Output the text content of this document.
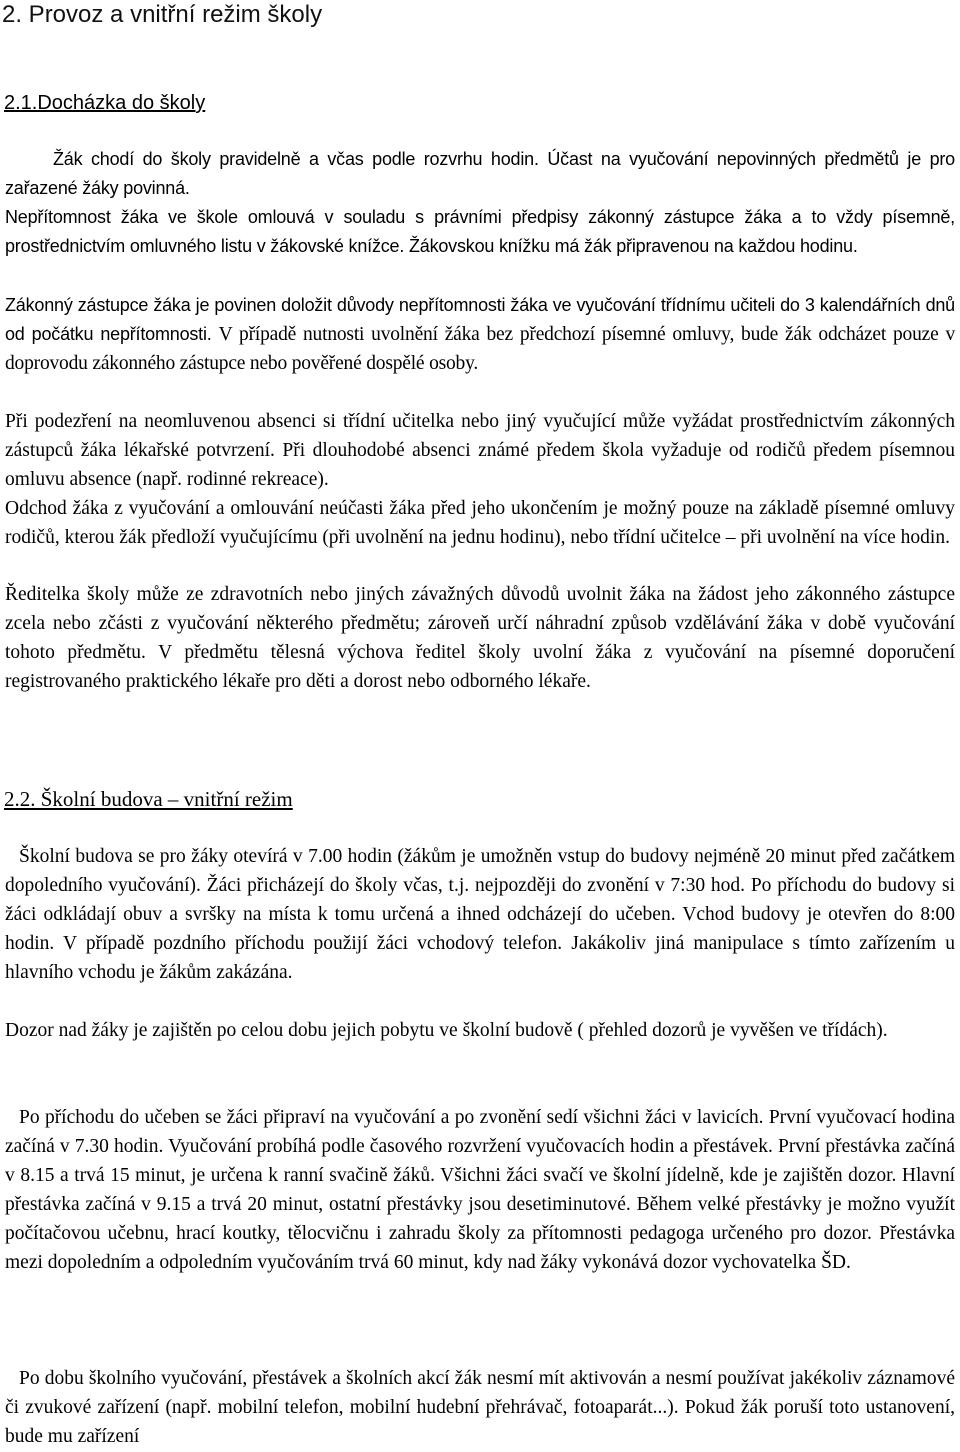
2. Provoz a vnitřní režim školy
2.1.Docházka do školy

Žák chodí do školy pravidelně a včas podle rozvrhu hodin. Účast na vyučování nepovinných předmětů je pro zařazené žáky povinná.

Nepřítomnost žáka ve škole omlouvá v souladu s právními předpisy zákonný zástupce žáka a to vždy písemně, prostřednictvím omluvného listu v žákovské knížce. Žákovskou knížku má žák připravenou na každou hodinu.

Zákonný zástupce žáka je povinen doložit důvody nepřítomnosti žáka ve vyučování třídnímu učiteli do 3 kalendářních dnů od počátku nepřítomnosti. V případě nutnosti uvolnění žáka bez předchozí písemné omluvy, bude žák odcházet pouze v doprovodu zákonného zástupce nebo pověřené dospělé osoby.

Při podezření na neomluvenou absenci si třídní učitelka nebo jiný vyučující může vyžádat prostřednictvím zákonných zástupců žáka lékařské potvrzení. Při dlouhodobé absenci známé předem škola vyžaduje od rodičů předem písemnou omluvu absence (např. rodinné rekreace).

Odchod žáka z vyučování a omlouvání neúčasti žáka před jeho ukončením je možný pouze na základě písemné omluvy rodičů, kterou žák předloží vyučujícímu (při uvolnění na jednu hodinu), nebo třídní učitelce – při uvolnění na více hodin.

Ředitelka školy může ze zdravotních nebo jiných závažných důvodů uvolnit žáka na žádost jeho zákonného zástupce zcela nebo zčásti z vyučování některého předmětu; zároveň určí náhradní způsob vzdělávání žáka v době vyučování tohoto předmětu. V předmětu tělesná výchova ředitel školy uvolní žáka z vyučování na písemné doporučení registrovaného praktického lékaře pro děti a dorost nebo odborného lékaře.

2.2. Školní budova – vnitřní režim

Školní budova se pro žáky otevírá v 7.00 hodin (žákům je umožněn vstup do budovy nejméně 20 minut před začátkem dopoledního vyučování). Žáci přicházejí do školy včas, t.j. nejpozději do zvonění v 7:30 hod. Po příchodu do budovy si žáci odkládají obuv a svršky na místa k tomu určená a ihned odcházejí do učeben. Vchod budovy je otevřen do 8:00 hodin. V případě pozdního příchodu použijí žáci vchodový telefon. Jakákoliv jiná manipulace s tímto zařízením u hlavního vchodu je žákům zakázána.

Dozor nad žáky je zajištěn po celou dobu jejich pobytu ve školní budově ( přehled dozorů je vyvěšen ve třídách).

Po příchodu do učeben se žáci připraví na vyučování a po zvonění sedí všichni žáci v lavicích. První vyučovací hodina začíná v 7.30 hodin. Vyučování probíhá podle časového rozvržení vyučovacích hodin a přestávek. První přestávka začíná v 8.15 a trvá 15 minut, je určena k ranní svačině žáků. Všichni žáci svačí ve školní jídelně, kde je zajištěn dozor. Hlavní přestávka začíná v 9.15 a trvá 20 minut, ostatní přestávky jsou desetiminutové. Během velké přestávky je možno využít počítačovou učebnu, hrací koutky, tělocvičnu i zahradu školy za přítomnosti pedagoga určeného pro dozor. Přestávka mezi dopoledním a odpoledním vyučováním trvá 60 minut, kdy nad žáky vykonává dozor vychovatelka ŠD.

Po dobu školního vyučování, přestávek a školních akcí žák nesmí mít aktivován a nesmí používat jakékoliv záznamové či zvukové zařízení (např. mobilní telefon, mobilní hudební přehrávač, fotoaparát...). Pokud žák poruší toto ustanovení, bude mu zařízení
